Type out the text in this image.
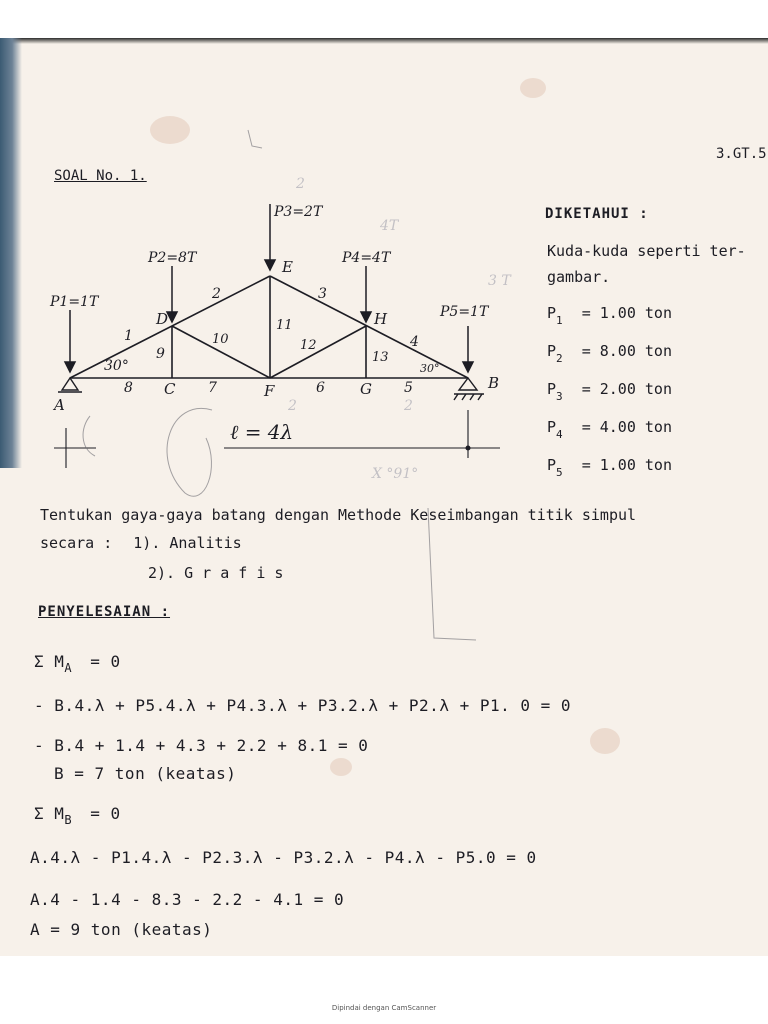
3.GT.5
SOAL No. 1.	2
4T
3 T
2	2
X °91°
P1=1T
P2=8T
P3=2T
P4=4T
P5=1T
A
C
D
E
F	G
H
B
1
2	3
4
5
6
7
8
9
10
11
12
13
30°	30°
ℓ = 4λ
DIKETAHUI :
Kuda-kuda seperti ter-
gambar.
$P_1 = 1.00$ ton
$P_2 = 8.00$ ton
$P_3 = 2.00$ ton
$P_4 = 4.00$ ton
$P_5 = 1.00$ ton
Tentukan gaya-gaya batang dengan Methode Keseimbangan titik simpul
secara : 1). Analitis
2). G r a f i s
PENYELESAIAN :
Σ $M_A = 0$
- B.4.λ + P5.4.λ + P4.3.λ + P3.2.λ + P2.λ + P1. 0 = 0
- B.4 + 1.4 + 4.3 + 2.2 + 8.1 = 0
B = 7 ton (keatas)
Σ $M_B = 0$
A.4.λ - P1.4.λ - P2.3.λ - P3.2.λ - P4.λ - P5.0 = 0
A.4 - 1.4 - 8.3 - 2.2 - 4.1 = 0
A = 9 ton (keatas)
Dipindai dengan CamScanner
